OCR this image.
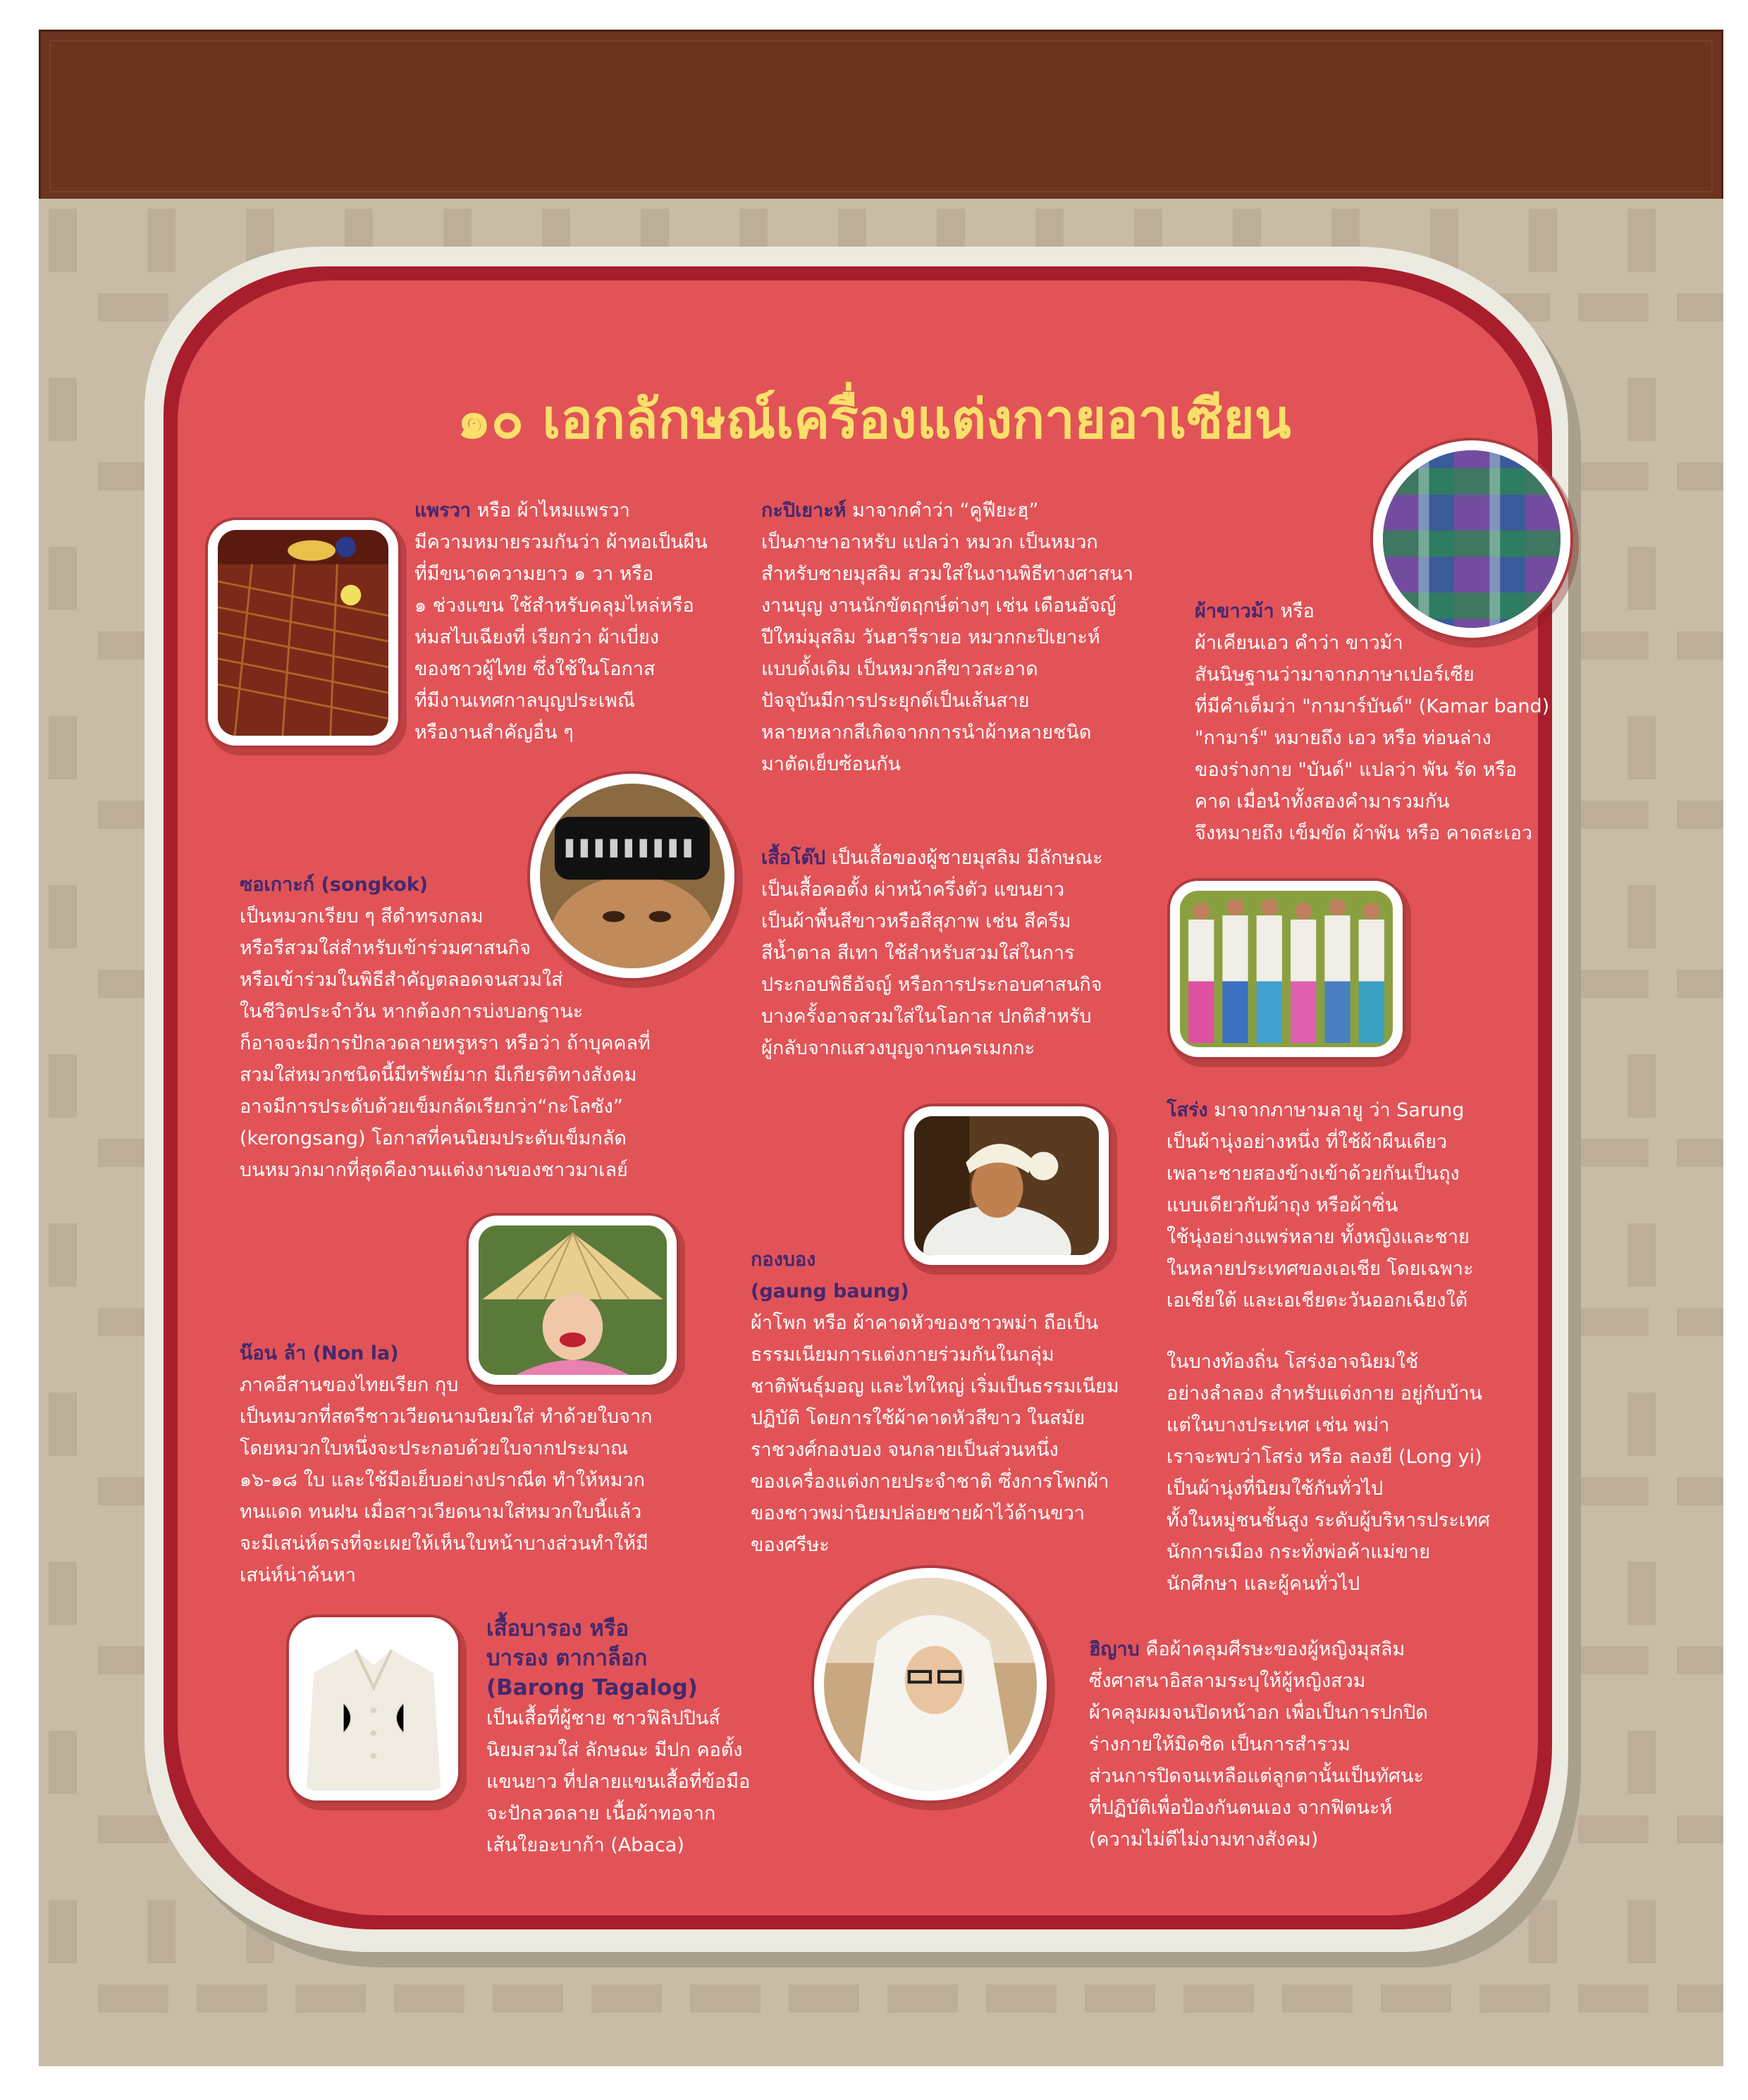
๑๐ เอกลักษณ์เครื่องแต่งกายอาเซียน

แพรวา หรือ ผ้าไหมแพรวา

มีความหมายรวมกันว่า ผ้าทอเป็นผืน

ที่มีขนาดความยาว ๑ วา หรือ

๑ ช่วงแขน ใช้สำหรับคลุมไหล่หรือ

ห่มสไบเฉียงที่ เรียกว่า ผ้าเบี่ยง

ของชาวผู้ไทย ซึ่งใช้ในโอกาส

ที่มีงานเทศกาลบุญประเพณี

หรืองานสำคัญอื่น ๆ

กะปิเยาะห์ มาจากคำว่า “คูฟียะฮฺ”

เป็นภาษาอาหรับ แปลว่า หมวก เป็นหมวก

สำหรับชายมุสลิม สวมใส่ในงานพิธีทางศาสนา

งานบุญ งานนักขัตฤกษ์ต่างๆ เช่น เดือนอัจญ์

ปีใหม่มุสลิม วันฮารีรายอ หมวกกะปิเยาะห์

แบบดั้งเดิม เป็นหมวกสีขาวสะอาด

ปัจจุบันมีการประยุกต์เป็นเส้นสาย

หลายหลากสีเกิดจากการนำผ้าหลายชนิด

มาตัดเย็บซ้อนกัน

ผ้าขาวม้า หรือ

ผ้าเคียนเอว คำว่า ขาวม้า

สันนิษฐานว่ามาจากภาษาเปอร์เซีย

ที่มีคำเต็มว่า "กามาร์บันด์" (Kamar band)

"กามาร์" หมายถึง เอว หรือ ท่อนล่าง

ของร่างกาย "บันด์" แปลว่า พัน รัด หรือ

คาด เมื่อนำทั้งสองคำมารวมกัน

จึงหมายถึง เข็มขัด ผ้าพัน หรือ คาดสะเอว

ซอเกาะก์ (songkok)

เป็นหมวกเรียบ ๆ สีดำทรงกลม

หรือรีสวมใส่สำหรับเข้าร่วมศาสนกิจ

หรือเข้าร่วมในพิธีสำคัญตลอดจนสวมใส่

ในชีวิตประจำวัน หากต้องการบ่งบอกฐานะ

ก็อาจจะมีการปักลวดลายหรูหรา หรือว่า ถ้าบุคคลที่

สวมใส่หมวกชนิดนี้มีทรัพย์มาก มีเกียรติทางสังคม

อาจมีการประดับด้วยเข็มกลัดเรียกว่า“กะโลซัง”

(kerongsang) โอกาสที่คนนิยมประดับเข็มกลัด

บนหมวกมากที่สุดคืองานแต่งงานของชาวมาเลย์

เสื้อโต๊ป เป็นเสื้อของผู้ชายมุสลิม มีลักษณะ

เป็นเสื้อคอตั้ง ผ่าหน้าครึ่งตัว แขนยาว

เป็นผ้าพื้นสีขาวหรือสีสุภาพ เช่น สีครีม

สีน้ำตาล สีเทา ใช้สำหรับสวมใส่ในการ

ประกอบพิธีอัจญ์ หรือการประกอบศาสนกิจ

บางครั้งอาจสวมใส่ในโอกาส ปกติสำหรับ

ผู้กลับจากแสวงบุญจากนครเมกกะ

โสร่ง มาจากภาษามลายู ว่า Sarung

เป็นผ้านุ่งอย่างหนึ่ง ที่ใช้ผ้าผืนเดียว

เพลาะชายสองข้างเข้าด้วยกันเป็นถุง

แบบเดียวกับผ้าถุง หรือผ้าซิ่น

ใช้นุ่งอย่างแพร่หลาย ทั้งหญิงและชาย

ในหลายประเทศของเอเชีย โดยเฉพาะ

เอเชียใต้ และเอเชียตะวันออกเฉียงใต้

ในบางท้องถิ่น โสร่งอาจนิยมใช้

อย่างลำลอง สำหรับแต่งกาย อยู่กับบ้าน

แต่ในบางประเทศ เช่น พม่า

เราจะพบว่าโสร่ง หรือ ลองยี (Long yi)

เป็นผ้านุ่งที่นิยมใช้กันทั่วไป

ทั้งในหมู่ชนชั้นสูง ระดับผู้บริหารประเทศ

นักการเมือง กระทั่งพ่อค้าแม่ขาย

นักศึกษา และผู้คนทั่วไป

กองบอง

(gaung baung)

ผ้าโพก หรือ ผ้าคาดหัวของชาวพม่า ถือเป็น

ธรรมเนียมการแต่งกายร่วมกันในกลุ่ม

ชาติพันธุ์มอญ และไทใหญ่ เริ่มเป็นธรรมเนียม

ปฏิบัติ โดยการใช้ผ้าคาดหัวสีขาว ในสมัย

ราชวงศ์กองบอง จนกลายเป็นส่วนหนึ่ง

ของเครื่องแต่งกายประจำชาติ ซึ่งการโพกผ้า

ของชาวพม่านิยมปล่อยชายผ้าไว้ด้านขวา

ของศรีษะ

น๊อน ล้า (Non la)

ภาคอีสานของไทยเรียก กุบ

เป็นหมวกที่สตรีชาวเวียดนามนิยมใส่ ทำด้วยใบจาก

โดยหมวกใบหนึ่งจะประกอบด้วยใบจากประมาณ

๑๖-๑๘ ใบ และใช้มือเย็บอย่างปราณีต ทำให้หมวก

ทนแดด ทนฝน เมื่อสาวเวียดนามใส่หมวกใบนี้แล้ว

จะมีเสน่ห์ตรงที่จะเผยให้เห็นใบหน้าบางส่วนทำให้มี

เสน่ห์น่าค้นหา

เสื้อบารอง หรือ

บารอง ตากาล็อก

(Barong Tagalog)

เป็นเสื้อที่ผู้ชาย ชาวฟิลิปปินส์

นิยมสวมใส่ ลักษณะ มีปก คอตั้ง

แขนยาว ที่ปลายแขนเสื้อที่ข้อมือ

จะปักลวดลาย เนื้อผ้าทอจาก

เส้นใยอะบาก้า (Abaca)

ฮิญาบ คือผ้าคลุมศีรษะของผู้หญิงมุสลิม

ซึ่งศาสนาอิสลามระบุให้ผู้หญิงสวม

ผ้าคลุมผมจนปิดหน้าอก เพื่อเป็นการปกปิด

ร่างกายให้มิดชิด เป็นการสำรวม

ส่วนการปิดจนเหลือแต่ลูกตานั้นเป็นทัศนะ

ที่ปฏิบัติเพื่อป้องกันตนเอง จากฟิตนะห์

(ความไม่ดีไม่งามทางสังคม)
